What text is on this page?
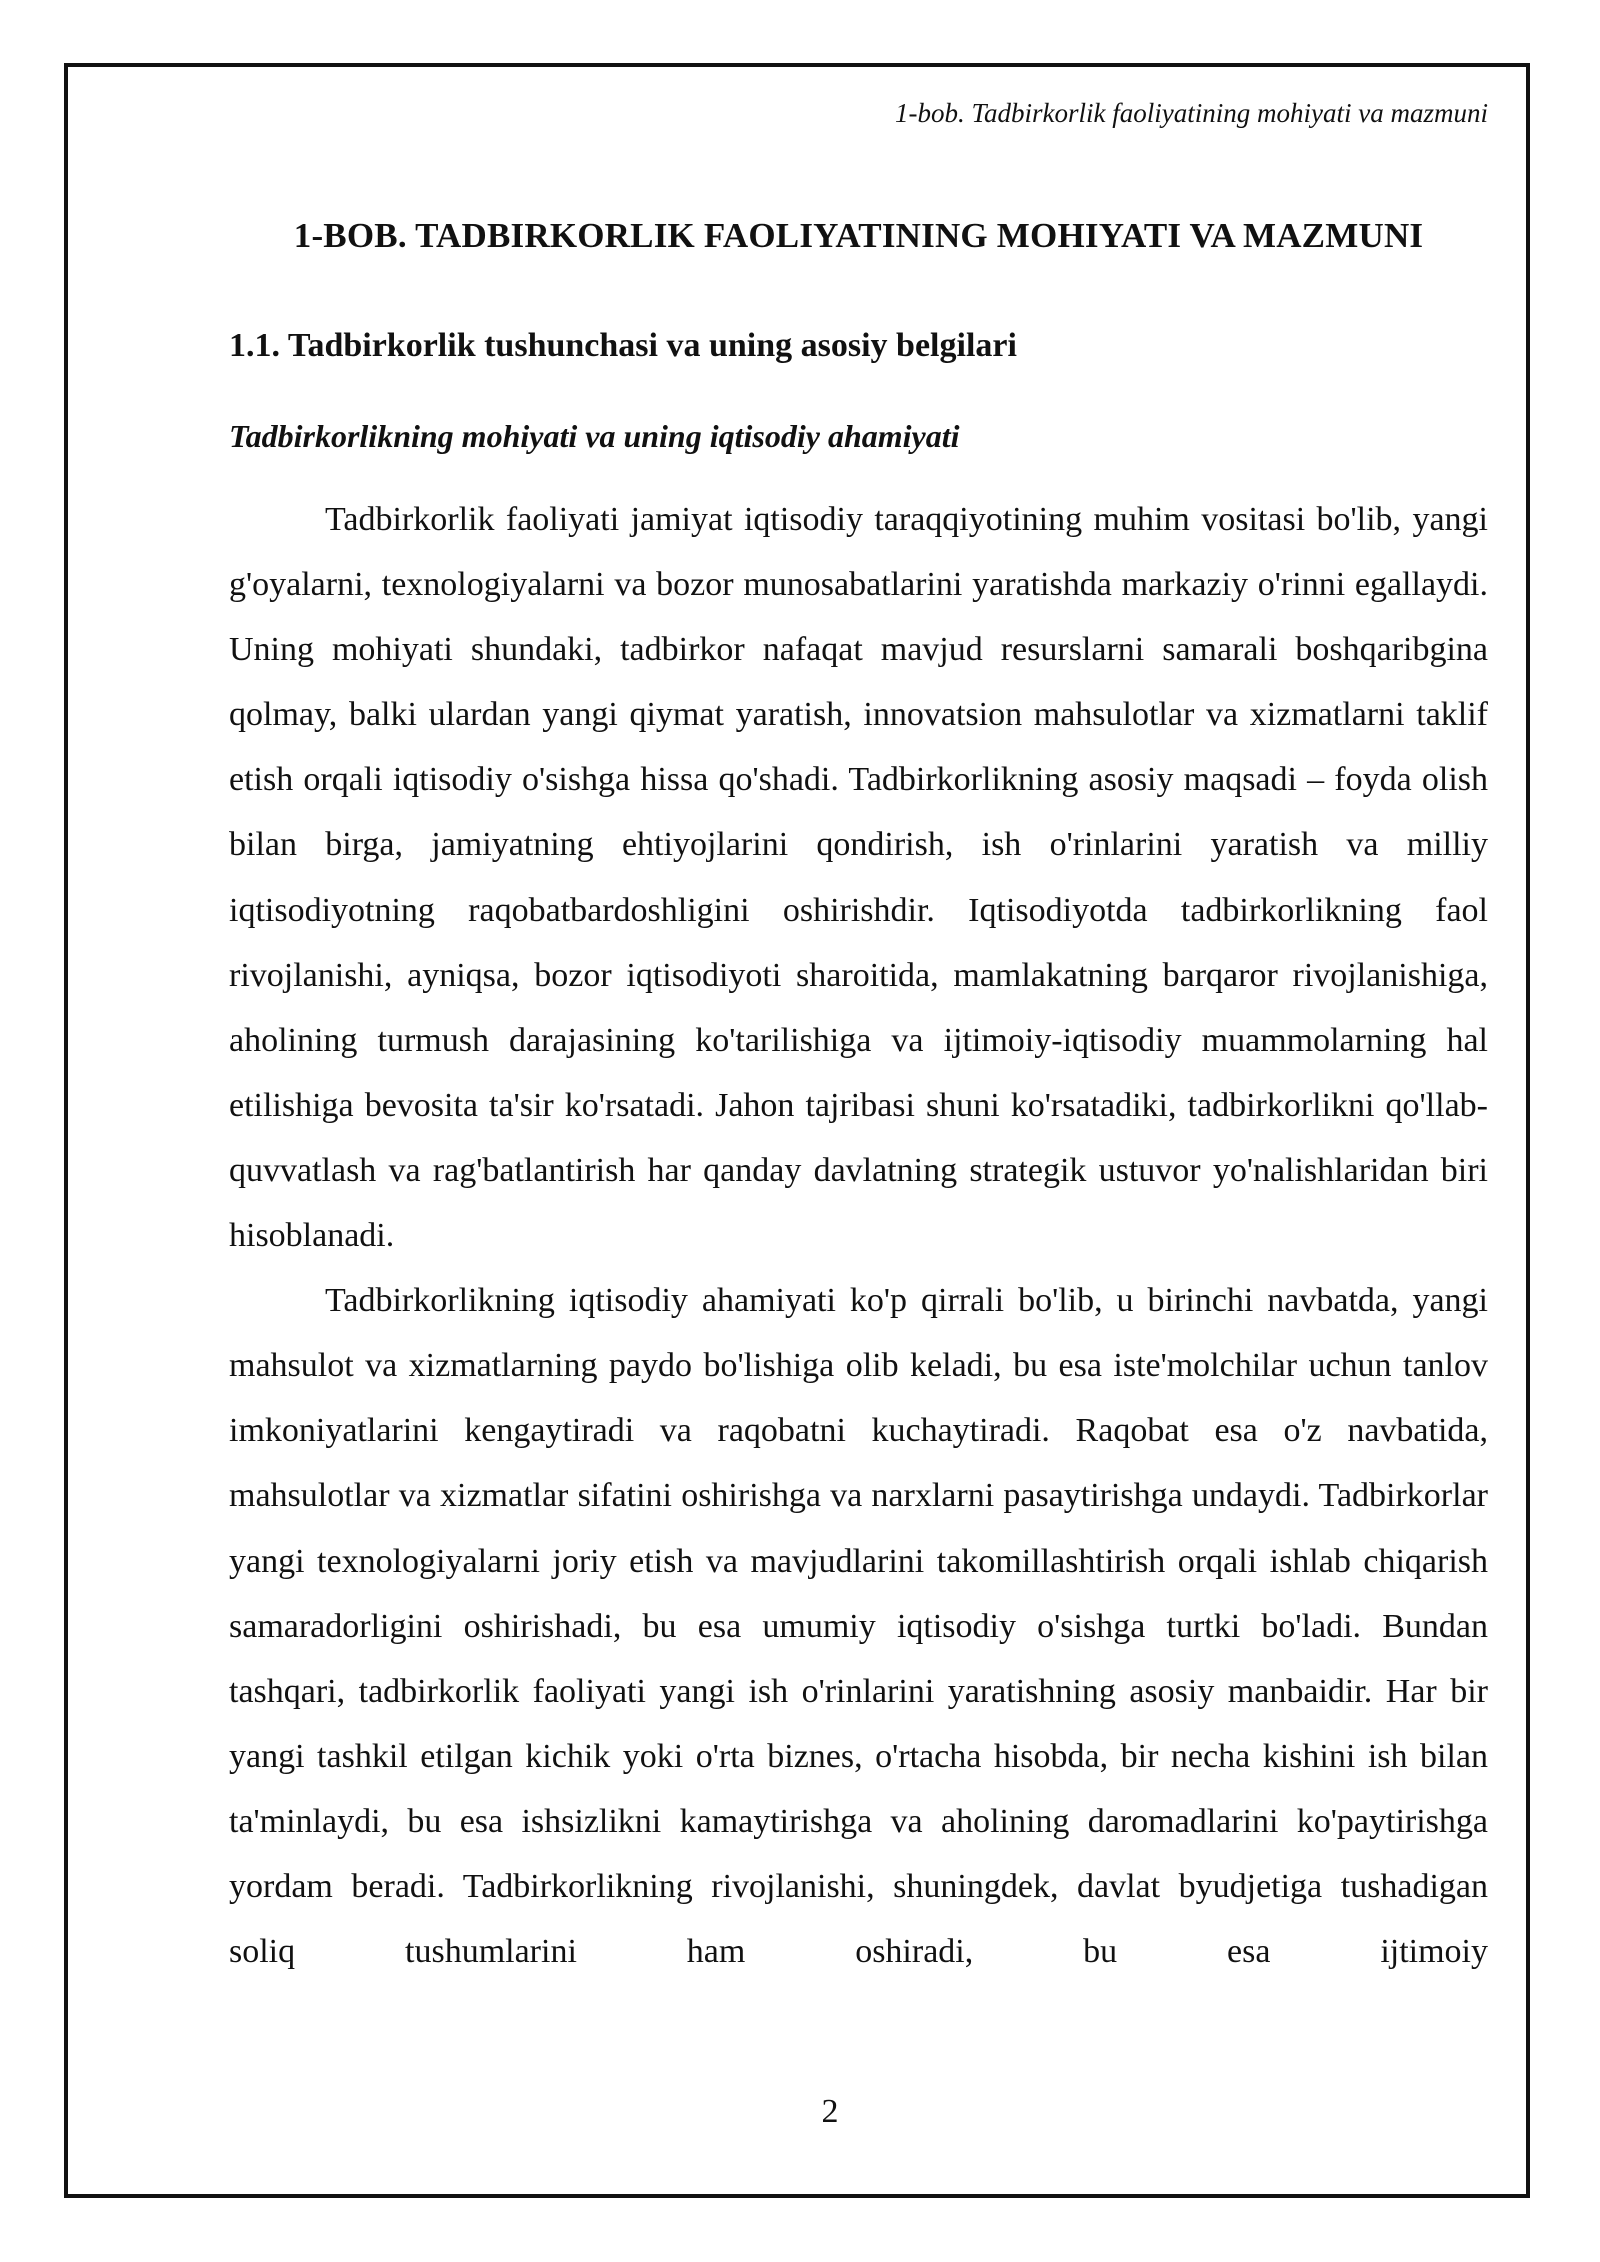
1-bob. Tadbirkorlik faoliyatining mohiyati va mazmuni
1-BOB. TADBIRKORLIK FAOLIYATINING MOHIYATI VA MAZMUNI
1.1. Tadbirkorlik tushunchasi va uning asosiy belgilari
Tadbirkorlikning mohiyati va uning iqtisodiy ahamiyati

Tadbirkorlik faoliyati jamiyat iqtisodiy taraqqiyotining muhim vositasi bo'lib, yangi g'oyalarni, texnologiyalarni va bozor munosabatlarini yaratishda markaziy o'rinni egallaydi. Uning mohiyati shundaki, tadbirkor nafaqat mavjud resurslarni samarali boshqaribgina qolmay, balki ulardan yangi qiymat yaratish, innovatsion mahsulotlar va xizmatlarni taklif etish orqali iqtisodiy o'sishga hissa qo'shadi. Tadbirkorlikning asosiy maqsadi – foyda olish bilan birga, jamiyatning ehtiyojlarini qondirish, ish o'rinlarini yaratish va milliy iqtisodiyotning raqobatbardoshligini oshirishdir. Iqtisodiyotda tadbirkorlikning faol rivojlanishi, ayniqsa, bozor iqtisodiyoti sharoitida, mamlakatning barqaror rivojlanishiga, aholining turmush darajasining ko'tarilishiga va ijtimoiy-iqtisodiy muammolarning hal etilishiga bevosita ta'sir ko'rsatadi. Jahon tajribasi shuni ko'rsatadiki, tadbirkorlikni qo'llab-quvvatlash va rag'batlantirish har qanday davlatning strategik ustuvor yo'nalishlaridan biri hisoblanadi.

Tadbirkorlikning iqtisodiy ahamiyati ko'p qirrali bo'lib, u birinchi navbatda, yangi mahsulot va xizmatlarning paydo bo'lishiga olib keladi, bu esa iste'molchilar uchun tanlov imkoniyatlarini kengaytiradi va raqobatni kuchaytiradi. Raqobat esa o'z navbatida, mahsulotlar va xizmatlar sifatini oshirishga va narxlarni pasaytirishga undaydi. Tadbirkorlar yangi texnologiyalarni joriy etish va mavjudlarini takomillashtirish orqali ishlab chiqarish samaradorligini oshirishadi, bu esa umumiy iqtisodiy o'sishga turtki bo'ladi. Bundan tashqari, tadbirkorlik faoliyati yangi ish o'rinlarini yaratishning asosiy manbaidir. Har bir yangi tashkil etilgan kichik yoki o'rta biznes, o'rtacha hisobda, bir necha kishini ish bilan ta'minlaydi, bu esa ishsizlikni kamaytirishga va aholining daromadlarini ko'paytirishga yordam beradi. Tadbirkorlikning rivojlanishi, shuningdek, davlat byudjetiga tushadigan soliq tushumlarini ham oshiradi, bu esa ijtimoiy

2
